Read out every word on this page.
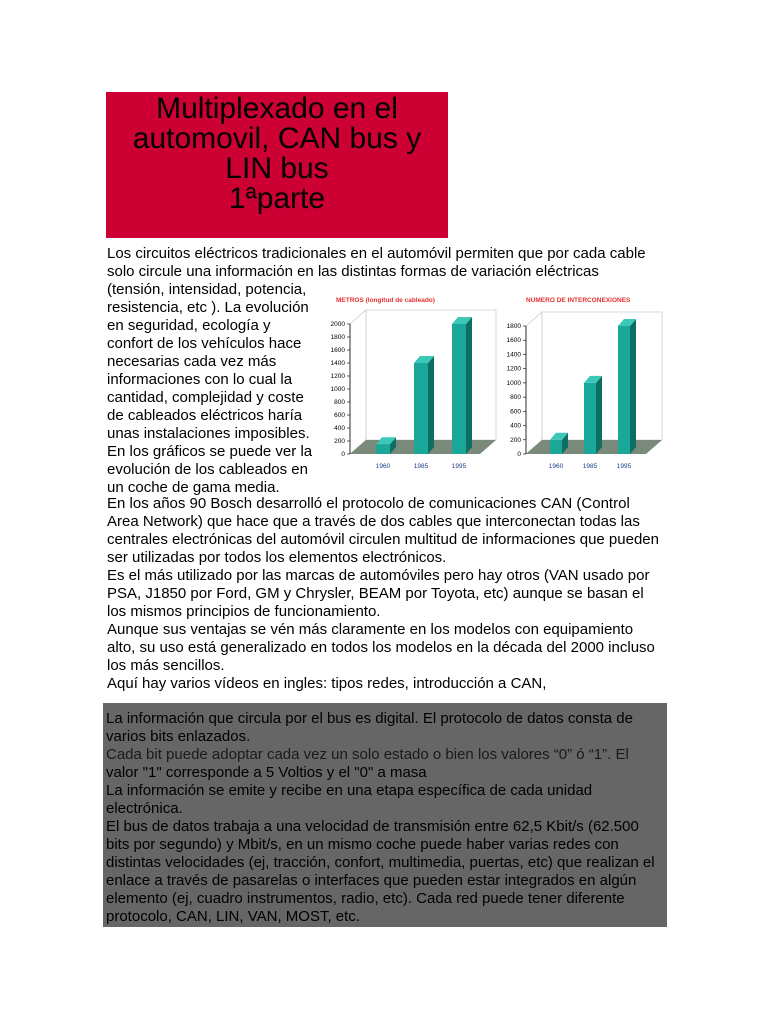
Multiplexado en el
automovil, CAN bus y
LIN bus
1ªparte
Los circuitos eléctricos tradicionales en el automóvil permiten que por cada cable
solo circule una información en las distintas formas de variación eléctricas
(tensión, intensidad, potencia,
resistencia, etc ). La evolución
en seguridad, ecología y
confort de los vehículos hace
necesarias cada vez más
informaciones con lo cual la
cantidad, complejidad y coste
de cableados eléctricos haría
unas instalaciones imposibles.
En los gráficos se puede ver la
evolución de los cableados en
un coche de gama media.
METROS (longitud de cableado)
0
200
400
600
800
1000
1200
1400
1600
1800
2000
1960	1985	1995
NUMERO DE INTERCONEXIONES
0
200
400
600
800
1000
1200
1400
1600
1800
1960	1985	1995
En los años 90 Bosch desarrolló el protocolo de comunicaciones CAN (Control
Area Network) que hace que a través de dos cables que interconectan todas las
centrales electrónicas del automóvil circulen multitud de informaciones que pueden
ser utilizadas por todos los elementos electrónicos.
Es el más utilizado por las marcas de automóviles pero hay otros (VAN usado por
PSA, J1850 por Ford, GM y Chrysler, BEAM por Toyota, etc) aunque se basan el
los mismos principios de funcionamiento.
Aunque sus ventajas se vén más claramente en los modelos con equipamiento
alto, su uso está generalizado en todos los modelos en la década del 2000 incluso
los más sencillos.
Aquí hay varios vídeos en ingles: tipos redes, introducción a CAN,
La información que circula por el bus es digital. El protocolo de datos consta de
varios bits enlazados.
Cada bit puede adoptar cada vez un solo estado o bien los valores “0” ó “1”. El
valor "1" corresponde a 5 Voltios y el "0" a masa
La información se emite y recibe en una etapa específica de cada unidad
electrónica.
El bus de datos trabaja a una velocidad de transmisión entre 62,5 Kbit/s (62.500
bits por segundo) y Mbit/s, en un mismo coche puede haber varias redes con
distintas velocidades (ej, tracción, confort, multimedia, puertas, etc) que realizan el
enlace a través de pasarelas o interfaces que pueden estar integrados en algún
elemento (ej, cuadro instrumentos, radio, etc). Cada red puede tener diferente
protocolo, CAN, LIN, VAN, MOST, etc.
